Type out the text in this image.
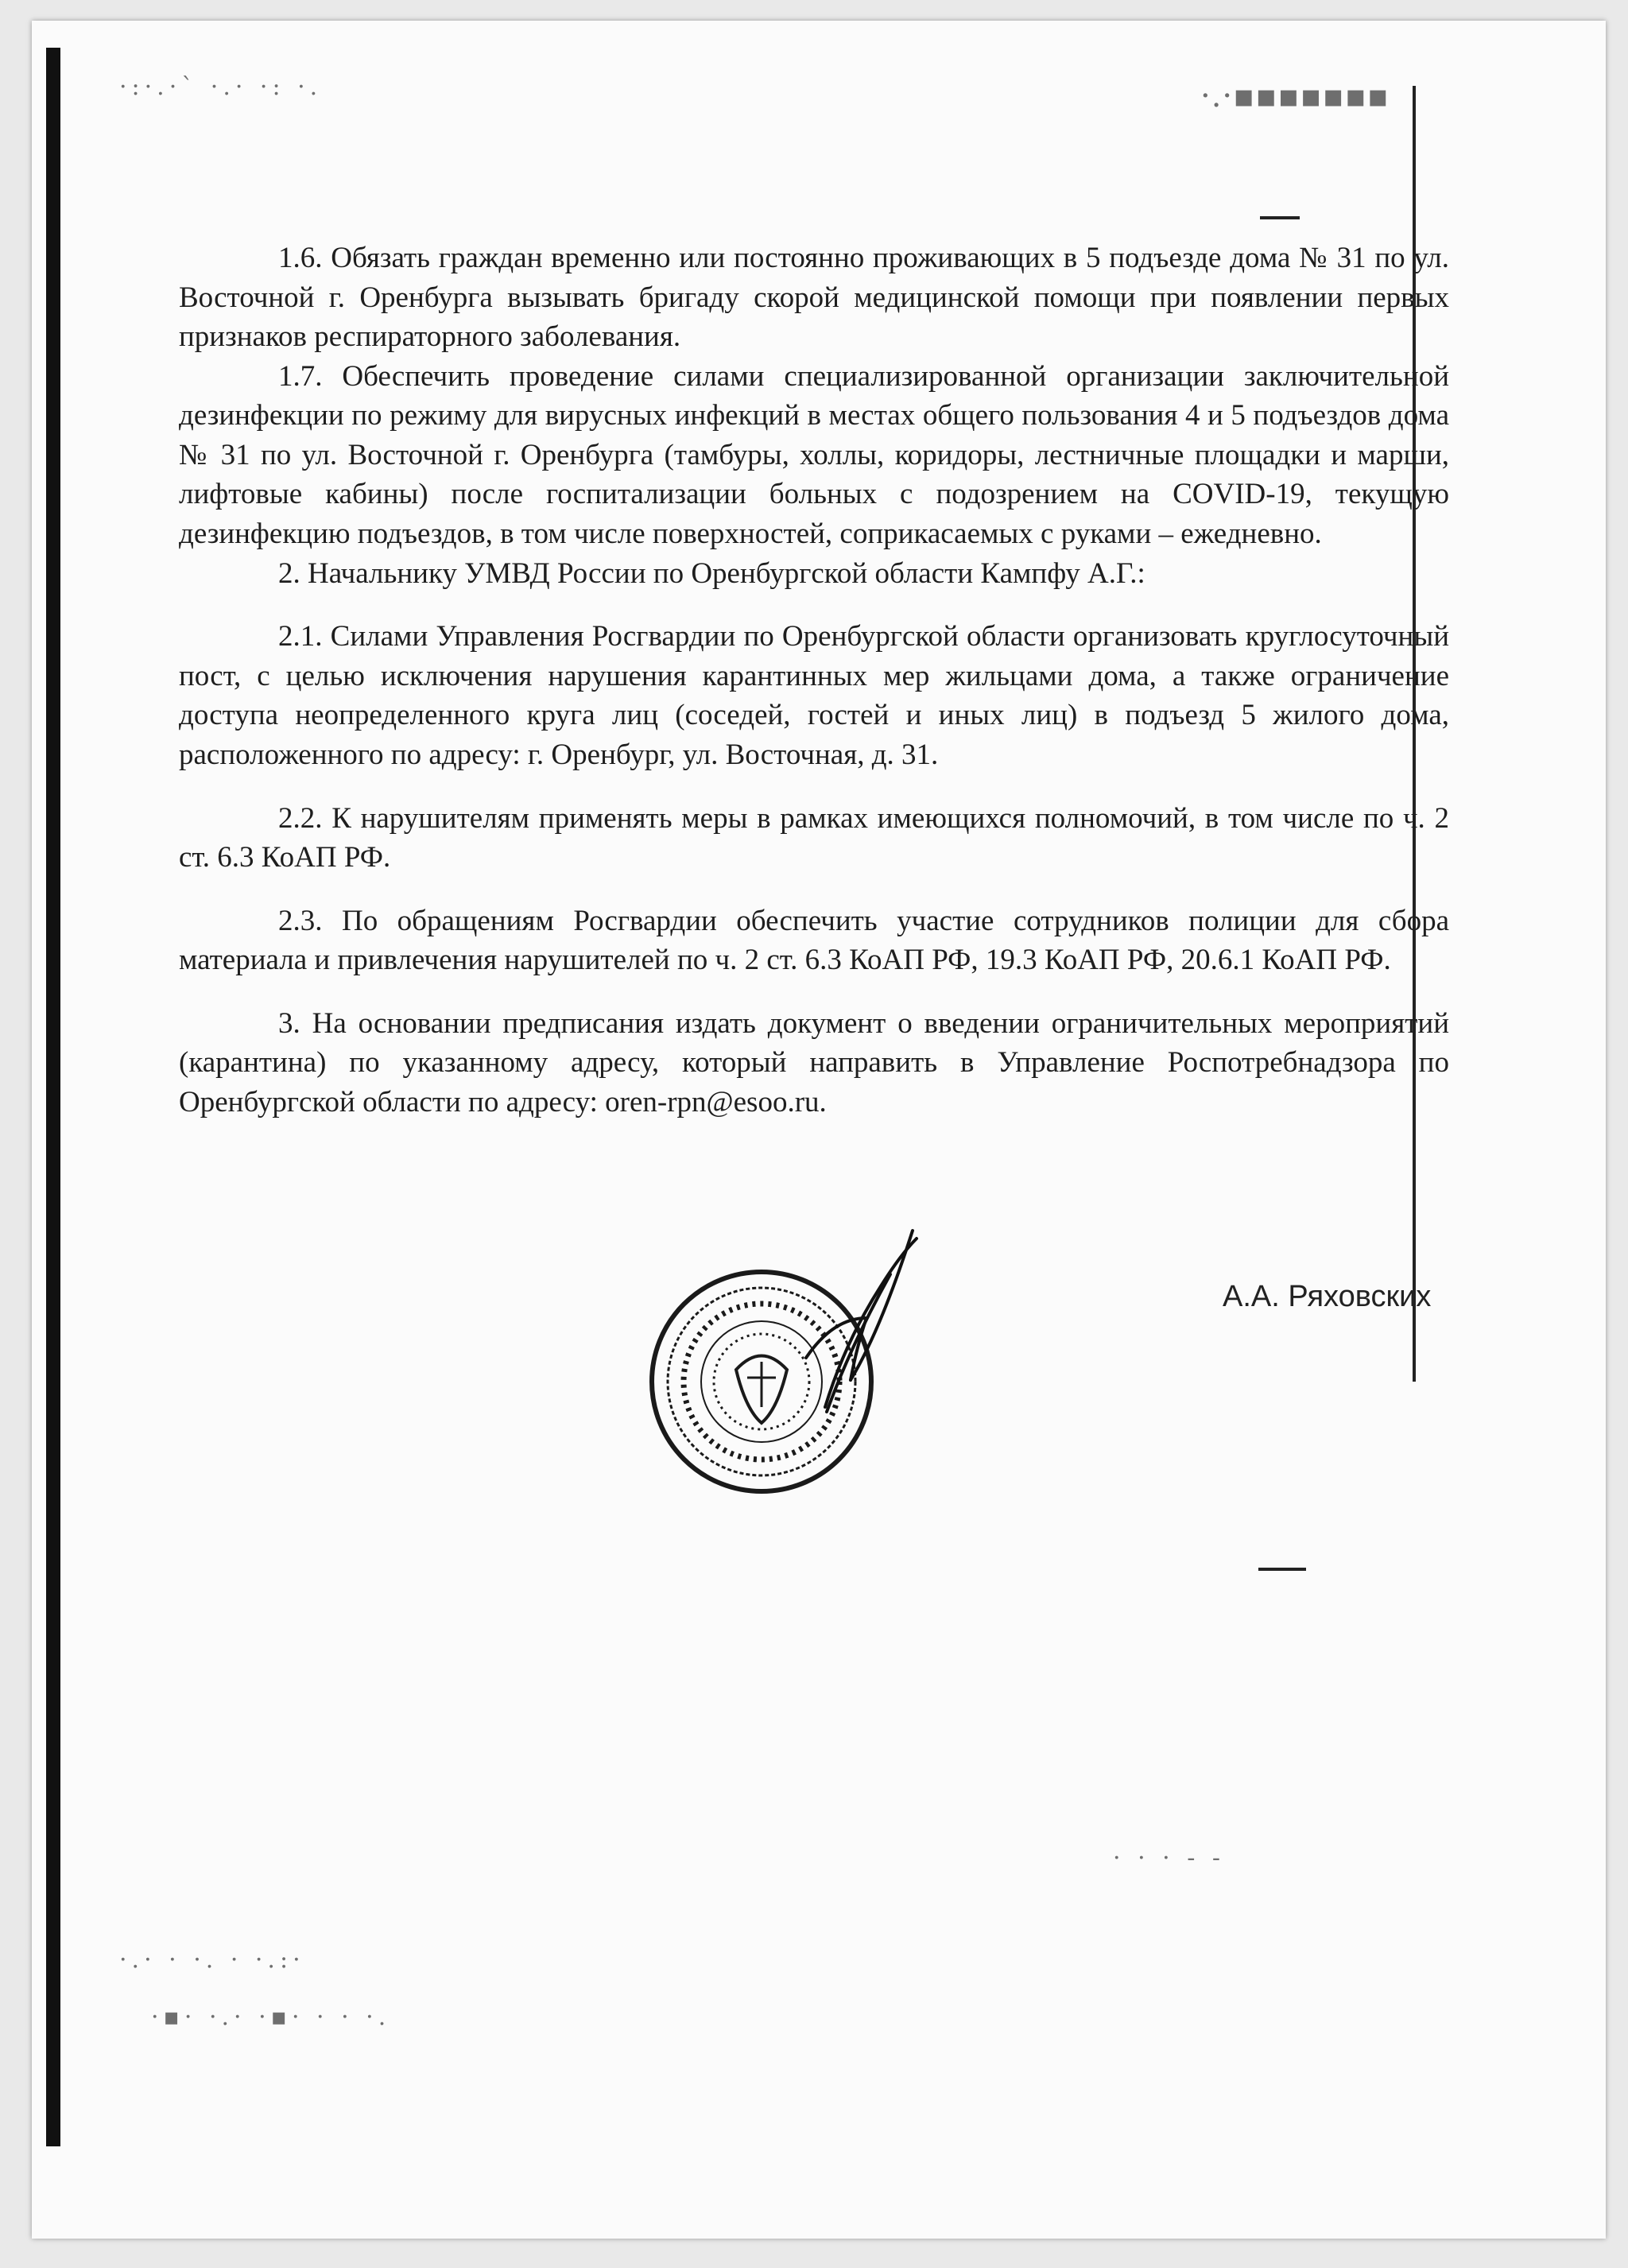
·:·.·` ·.· ·: ·.	·.·▪▪▪▪▪▪▪
·.· · ·. · ·.:·
·▪· ·.· ·▪· · · ·.
· · · - -

1.6. Обязать граждан временно или постоянно проживающих в 5 подъезде дома № 31 по ул. Восточной г. Оренбурга вызывать бригаду скорой медицинской помощи при появлении первых признаков респираторного заболевания.

1.7. Обеспечить проведение силами специализированной организации заключительной дезинфекции по режиму для вирусных инфекций в местах общего пользования 4 и 5 подъездов дома № 31 по ул. Восточной г. Оренбурга (тамбуры, холлы, коридоры, лестничные площадки и марши, лифтовые кабины) после госпитализации больных с подозрением на COVID-19, текущую дезинфекцию подъездов, в том числе поверхностей, соприкасаемых с руками – ежедневно.

2. Начальнику УМВД России по Оренбургской области Кампфу А.Г.:

2.1. Силами Управления Росгвардии по Оренбургской области организовать круглосуточный пост, с целью исключения нарушения карантинных мер жильцами дома, а также ограничение доступа неопределенного круга лиц (соседей, гостей и иных лиц) в подъезд 5 жилого дома, расположенного по адресу: г. Оренбург, ул. Восточная, д. 31.

2.2. К нарушителям применять меры в рамках имеющихся полномочий, в том числе по ч. 2 ст. 6.3 КоАП РФ.

2.3. По обращениям Росгвардии обеспечить участие сотрудников полиции для сбора материала и привлечения нарушителей по ч. 2 ст. 6.3 КоАП РФ, 19.3 КоАП РФ, 20.6.1 КоАП РФ.

3. На основании предписания издать документ о введении ограничительных мероприятий (карантина) по указанному адресу, который направить в Управление Роспотребнадзора по Оренбургской области по адресу: oren-rpn@esoo.ru.

А.А. Ряховских
